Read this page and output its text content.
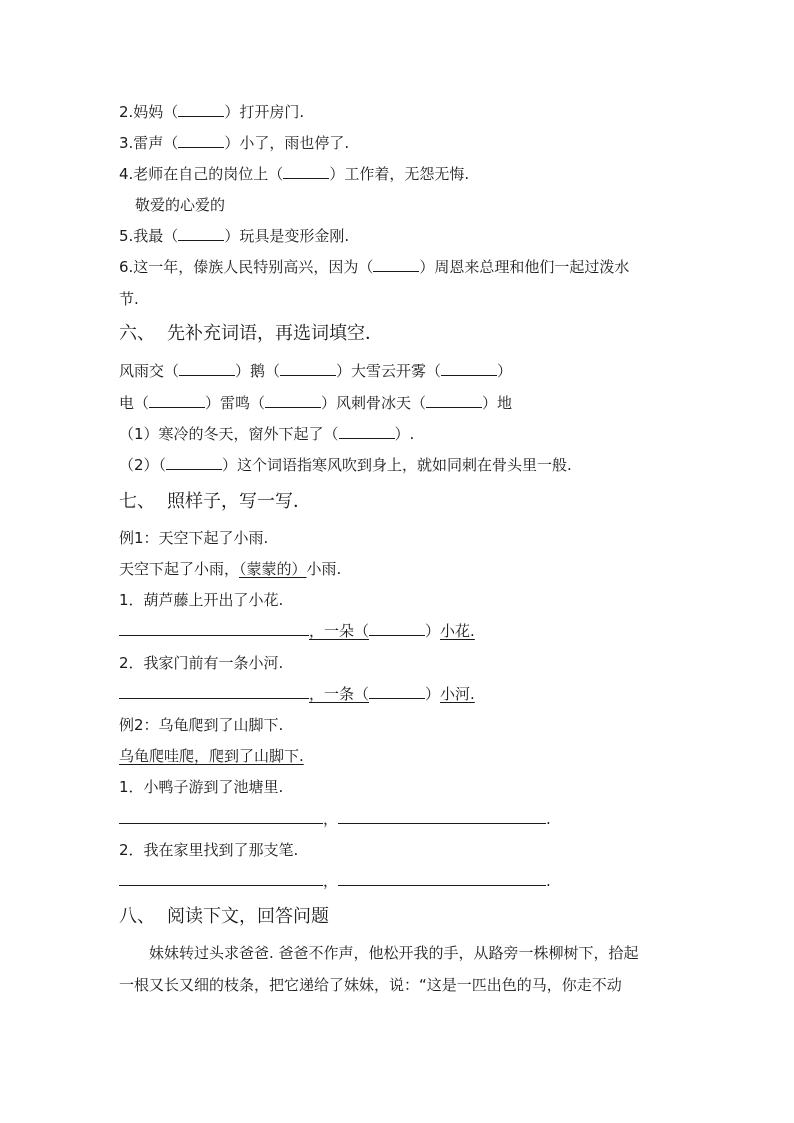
2.妈妈（	）打开房门.
3.雷声（	）小了，雨也停了.
4.老师在自己的岗位上（	）工作着，无怨无悔.
敬爱的心爱的
5.我最（	）玩具是变形金刚.
6.这一年，傣族人民特别高兴，因为（	）周恩来总理和他们一起过泼水
节.
六、 先补充词语，再选词填空．
风雨交（	）鹅（	）大雪云开雾（	）
电（	）雷鸣（	）风刺骨冰天（	）地
（1）寒冷的冬天，窗外下起了（	）.
（2）（	）这个词语指寒风吹到身上，就如同刺在骨头里一般.
七、 照样子，写一写．
例1：天空下起了小雨.
天空下起了小雨，（蒙蒙的）小雨.
1．葫芦藤上开出了小花.
，一朵（	）小花.
2．我家门前有一条小河.
，一条（	）小河.
例2：乌龟爬到了山脚下.
乌龟爬哇爬，爬到了山脚下.
1．小鸭子游到了池塘里.
，	.
2．我在家里找到了那支笔.
，	.
八、 阅读下文，回答问题
妹妹转过头求爸爸. 爸爸不作声，他松开我的手，从路旁一株柳树下，拾起
一根又长又细的枝条，把它递给了妹妹，说：“这是一匹出色的马，你走不动
